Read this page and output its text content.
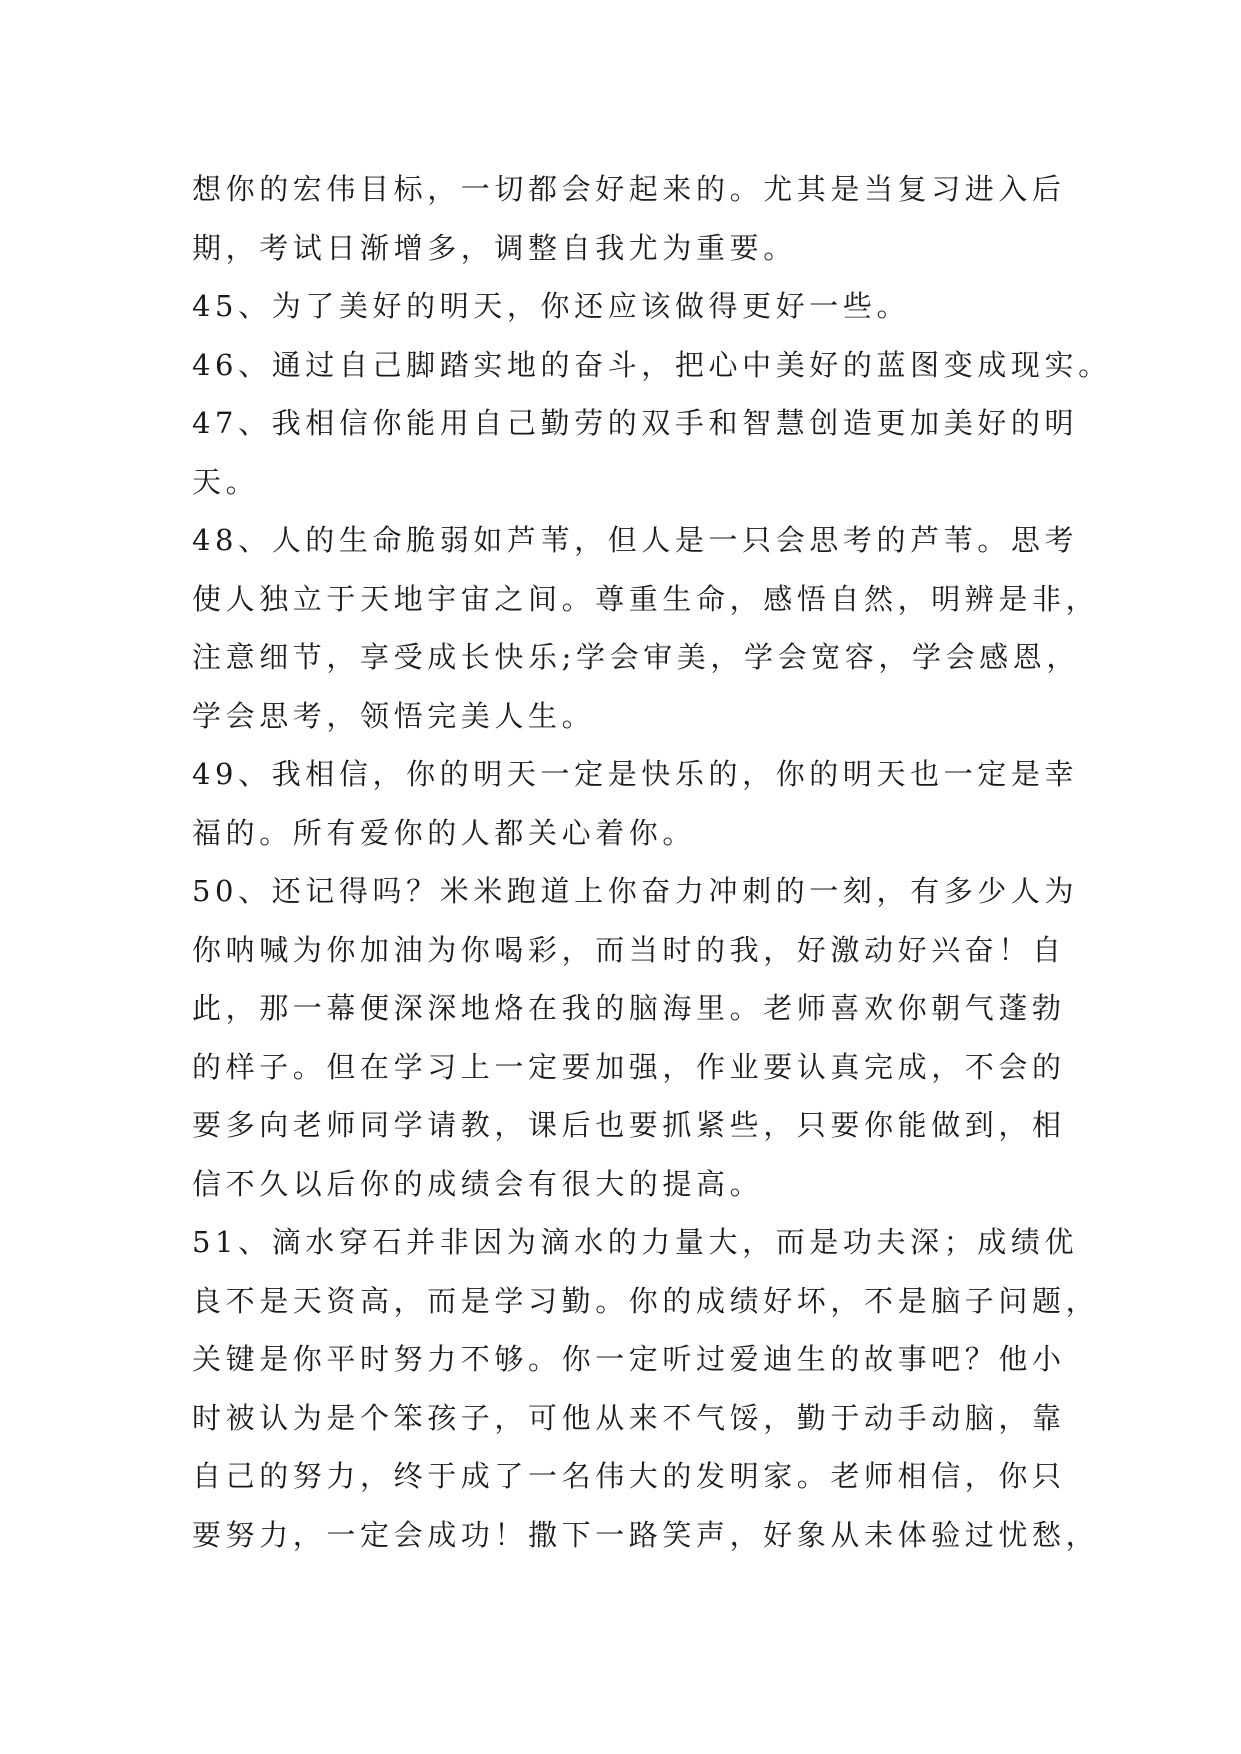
想你的宏伟目标，一切都会好起来的。尤其是当复习进入后
期，考试日渐增多，调整自我尤为重要。
45、为了美好的明天，你还应该做得更好一些。
46、通过自己脚踏实地的奋斗，把心中美好的蓝图变成现实。
47、我相信你能用自己勤劳的双手和智慧创造更加美好的明
天。
48、人的生命脆弱如芦苇，但人是一只会思考的芦苇。思考
使人独立于天地宇宙之间。尊重生命，感悟自然，明辨是非，
注意细节，享受成长快乐;学会审美，学会宽容，学会感恩，
学会思考，领悟完美人生。
49、我相信，你的明天一定是快乐的，你的明天也一定是幸
福的。所有爱你的人都关心着你。
50、还记得吗？米米跑道上你奋力冲刺的一刻，有多少人为
你呐喊为你加油为你喝彩，而当时的我，好激动好兴奋！自
此，那一幕便深深地烙在我的脑海里。老师喜欢你朝气蓬勃
的样子。但在学习上一定要加强，作业要认真完成，不会的
要多向老师同学请教，课后也要抓紧些，只要你能做到，相
信不久以后你的成绩会有很大的提高。
51、滴水穿石并非因为滴水的力量大，而是功夫深；成绩优
良不是天资高，而是学习勤。你的成绩好坏，不是脑子问题，
关键是你平时努力不够。你一定听过爱迪生的故事吧？他小
时被认为是个笨孩子，可他从来不气馁，勤于动手动脑，靠
自己的努力，终于成了一名伟大的发明家。老师相信，你只
要努力，一定会成功！撒下一路笑声，好象从未体验过忧愁，
